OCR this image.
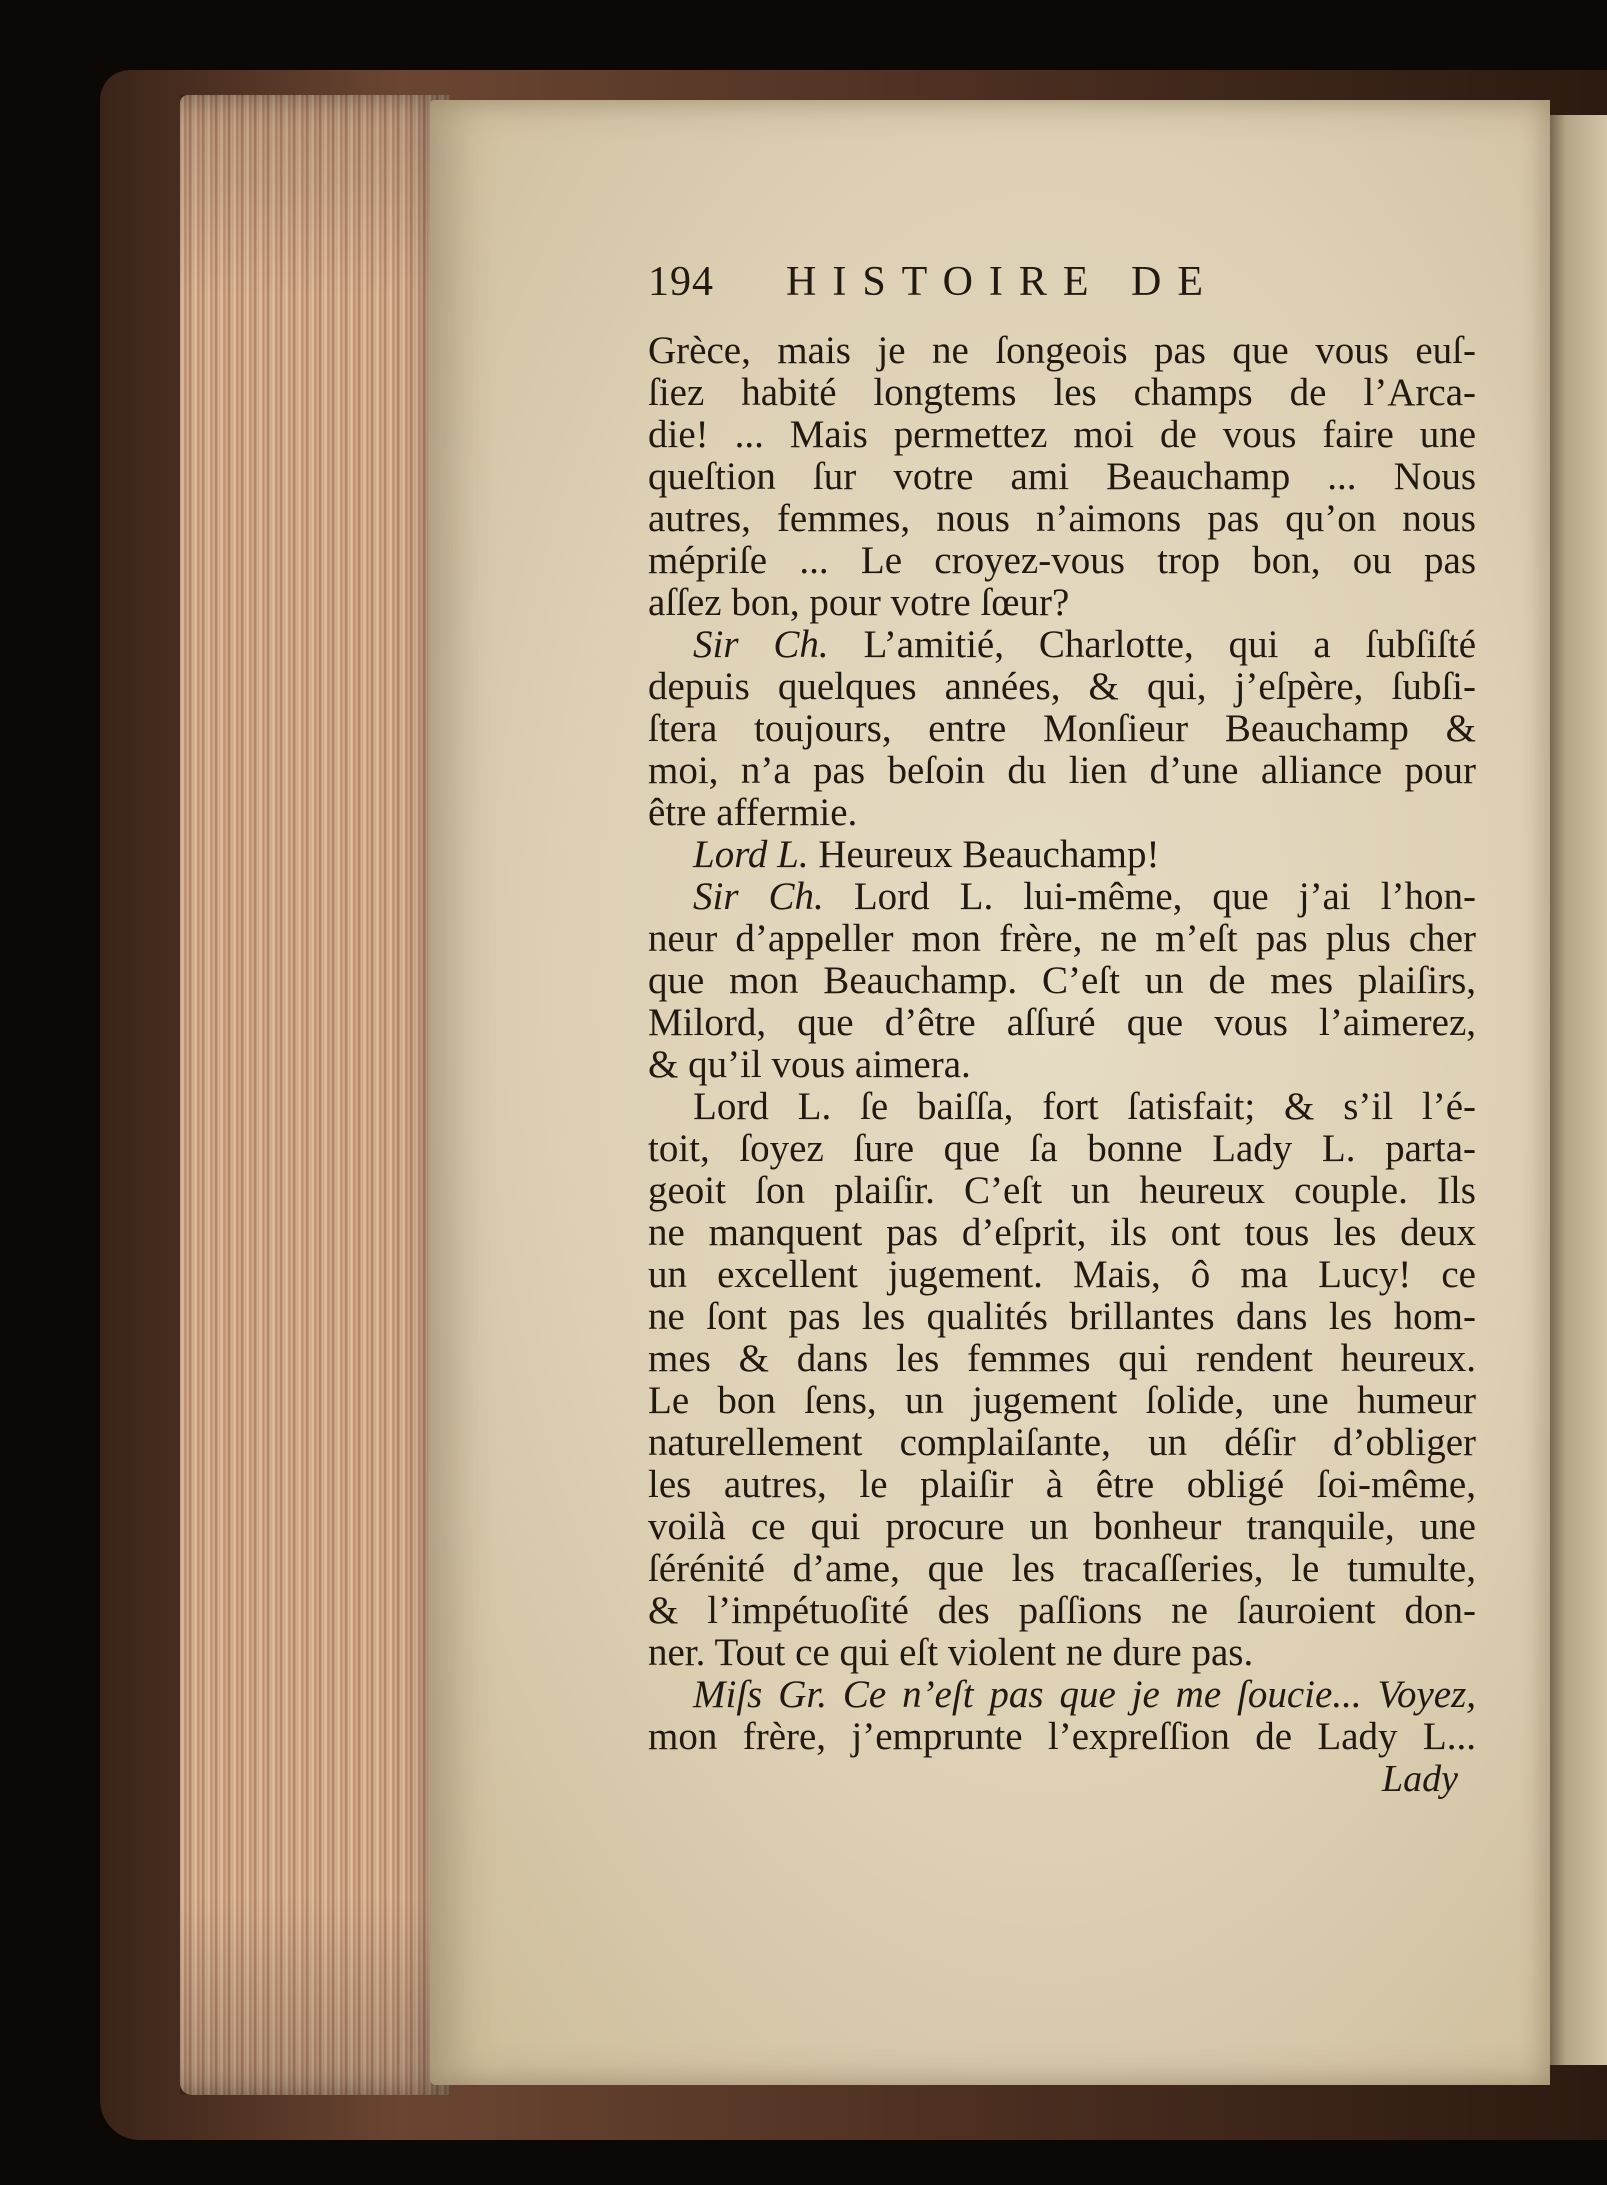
194	HISTOIRE DE
Grèce, mais je ne ſongeois pas que vous euſ-
ſiez habité longtems les champs de l’Arca-
die! ... Mais permettez moi de vous faire une
queſtion ſur votre ami Beauchamp ... Nous
autres, femmes, nous n’aimons pas qu’on nous
mépriſe ... Le croyez-vous trop bon, ou pas
aſſez bon, pour votre ſœur?
Sir Ch. L’amitié, Charlotte, qui a ſubſiſté
depuis quelques années, & qui, j’eſpère, ſubſi-
ſtera toujours, entre Monſieur Beauchamp &
moi, n’a pas beſoin du lien d’une alliance pour
être affermie.
Lord L. Heureux Beauchamp!
Sir Ch. Lord L. lui-même, que j’ai l’hon-
neur d’appeller mon frère, ne m’eſt pas plus cher
que mon Beauchamp. C’eſt un de mes plaiſirs,
Milord, que d’être aſſuré que vous l’aimerez,
& qu’il vous aimera.
Lord L. ſe baiſſa, fort ſatisfait; & s’il l’é-
toit, ſoyez ſure que ſa bonne Lady L. parta-
geoit ſon plaiſir. C’eſt un heureux couple. Ils
ne manquent pas d’eſprit, ils ont tous les deux
un excellent jugement. Mais, ô ma Lucy! ce
ne ſont pas les qualités brillantes dans les hom-
mes & dans les femmes qui rendent heureux.
Le bon ſens, un jugement ſolide, une humeur
naturellement complaiſante, un déſir d’obliger
les autres, le plaiſir à être obligé ſoi-même,
voilà ce qui procure un bonheur tranquile, une
ſérénité d’ame, que les tracaſſeries, le tumulte,
& l’impétuoſité des paſſions ne ſauroient don-
ner. Tout ce qui eſt violent ne dure pas.
Miſs Gr. Ce n’eſt pas que je me ſoucie... Voyez,
mon frère, j’emprunte l’expreſſion de Lady L...
Lady
